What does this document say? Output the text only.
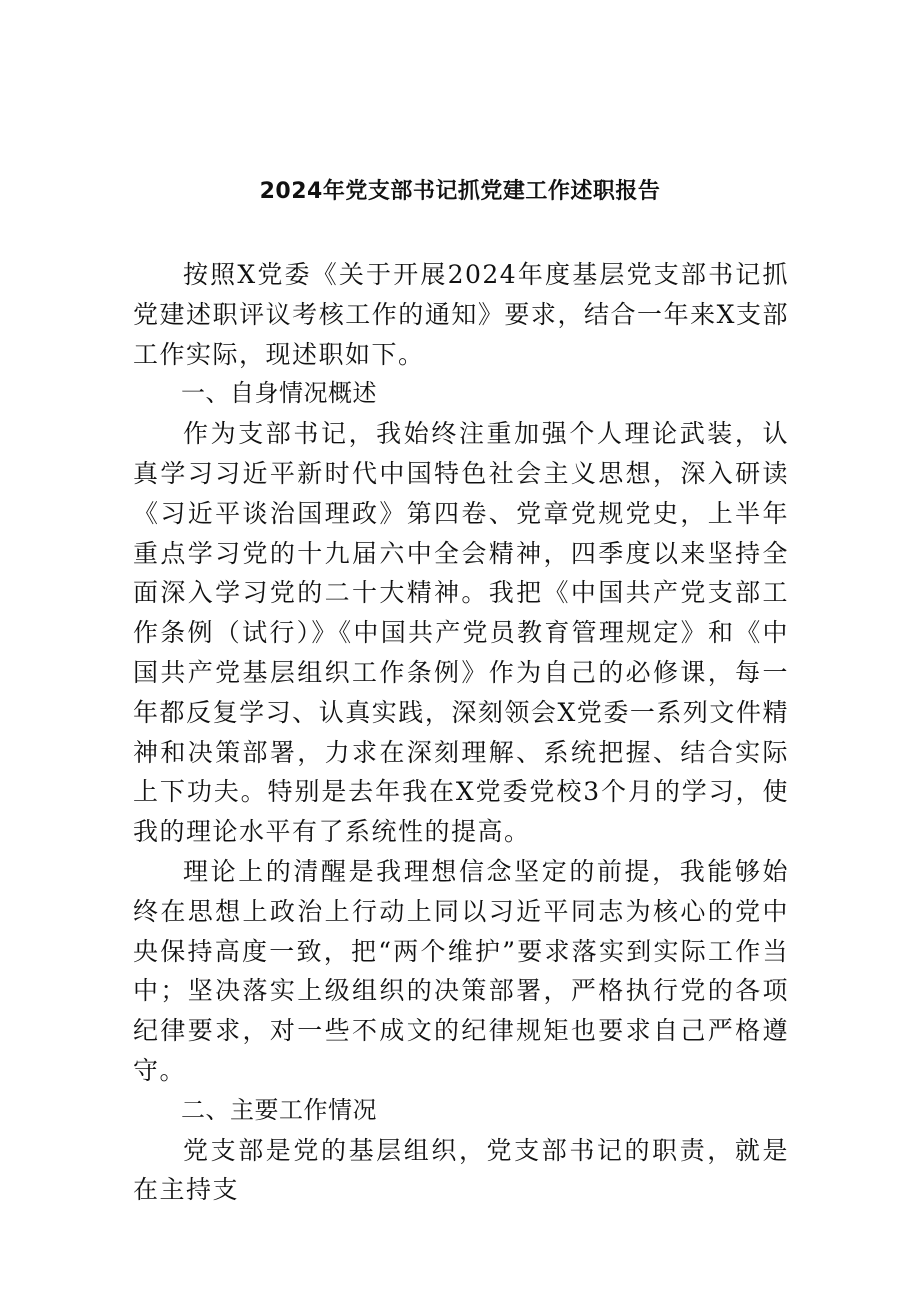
2024年党支部书记抓党建工作述职报告

按照X党委《关于开展2024年度基层党支部书记抓党建述职评议考核工作的通知》要求，结合一年来X支部工作实际，现述职如下。

一、自身情况概述

作为支部书记，我始终注重加强个人理论武装，认真学习习近平新时代中国特色社会主义思想，深入研读《习近平谈治国理政》第四卷、党章党规党史，上半年重点学习党的十九届六中全会精神，四季度以来坚持全面深入学习党的二十大精神。我把《中国共产党支部工作条例（试行）》《中国共产党员教育管理规定》和《中国共产党基层组织工作条例》作为自己的必修课，每一年都反复学习、认真实践，深刻领会X党委一系列文件精神和决策部署，力求在深刻理解、系统把握、结合实际上下功夫。特别是去年我在X党委党校3个月的学习，使我的理论水平有了系统性的提高。

理论上的清醒是我理想信念坚定的前提，我能够始终在思想上政治上行动上同以习近平同志为核心的党中央保持高度一致，把“两个维护”要求落实到实际工作当中；坚决落实上级组织的决策部署，严格执行党的各项纪律要求，对一些不成文的纪律规矩也要求自己严格遵守。

二、主要工作情况

党支部是党的基层组织，党支部书记的职责，就是在主持支
